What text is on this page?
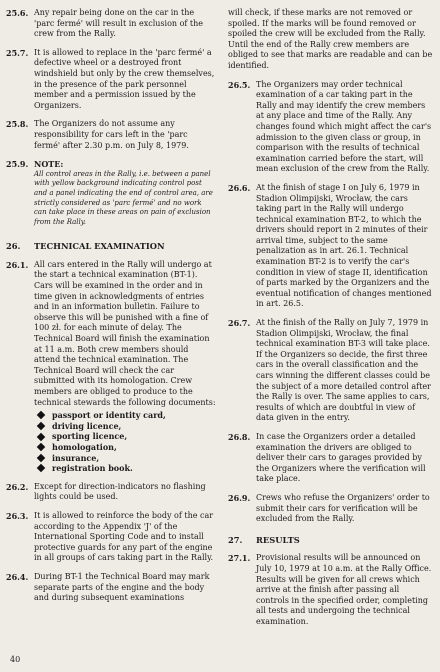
25.6. Any repair being done on the car in the 'parc fermé' will result in exclusion of the crew from the Rally.
25.7. It is allowed to replace in the 'parc fermé' a defective wheel or a destroyed front windshield but only by the crew themselves, in the presence of the park personnel member and a permission issued by the Organizers.
25.8. The Organizers do not assume any responsibility for cars left in the 'parc fermé' after 2.30 p.m. on July 8, 1979.
25.9. NOTE:
All control areas in the Rally, i.e. between a panel with yellow background indicating control post and a panel indicating the end of control area, are strictly considered as 'parc fermé' and no work can take place in these areas on pain of exclusion from the Rally.
26.	TECHNICAL EXAMINATION
26.1. All cars entered in the Rally will undergo at the start a technical examination (BT-1). Cars will be examined in the order and in time given in acknowledgments of entries and in an information bulletin. Failure to observe this will be punished with a fine of 100 zł. for each minute of delay. The Technical Board will finish the examination at 11 a.m. Both crew members should attend the technical examination. The Technical Board will check the car submitted with its homologation. Crew members are obliged to produce to the technical stewards the following documents:
passport or identity card,
driving licence,
sporting licence,
homologation,
insurance,
registration book.
26.2. Except for direction-indicators no flashing lights could be used.
26.3. It is allowed to reinforce the body of the car according to the Appendix 'J' of the International Sporting Code and to install protective guards for any part of the engine in all groups of cars taking part in the Rally.
26.4. During BT-1 the Technical Board may mark separate parts of the engine and the body and during subsequent examinations
will check, if these marks are not removed or spoiled. If the marks will be found removed or spoiled the crew will be excluded from the Rally. Until the end of the Rally crew members are obliged to see that marks are readable and can be identified.
26.5. The Organizers may order technical examination of a car taking part in the Rally and may identify the crew members at any place and time of the Rally. Any changes found which might affect the car's admission to the given class or group, in comparison with the results of technical examination carried before the start, will mean exclusion of the crew from the Rally.
26.6. At the finish of stage I on July 6, 1979 in Stadion Olimpijski, Wrocław, the cars taking part in the Rally will undergo technical examination BT-2, to which the drivers should report in 2 minutes of their arrival time, subject to the same penalization as in art. 26.1. Technical examination BT-2 is to verify the car's condition in view of stage II, identification of parts marked by the Organizers and the eventual notification of changes mentioned in art. 26.5.
26.7. At the finish of the Rally on July 7, 1979 in Stadion Olimpijski, Wrocław, the final technical examination BT-3 will take place. If the Organizers so decide, the first three cars in the overall classification and the cars winning the different classes could be the subject of a more detailed control after the Rally is over. The same applies to cars, results of which are doubtful in view of data given in the entry.
26.8. In case the Organizers order a detailed examination the drivers are obliged to deliver their cars to garages provided by the Organizers where the verification will take place.
26.9. Crews who refuse the Organizers' order to submit their cars for verification will be excluded from the Rally.
27.	RESULTS
27.1. Provisional results will be announced on July 10, 1979 at 10 a.m. at the Rally Office. Results will be given for all crews which arrive at the finish after passing all controls in the specified order, completing all tests and undergoing the technical examination.
40
